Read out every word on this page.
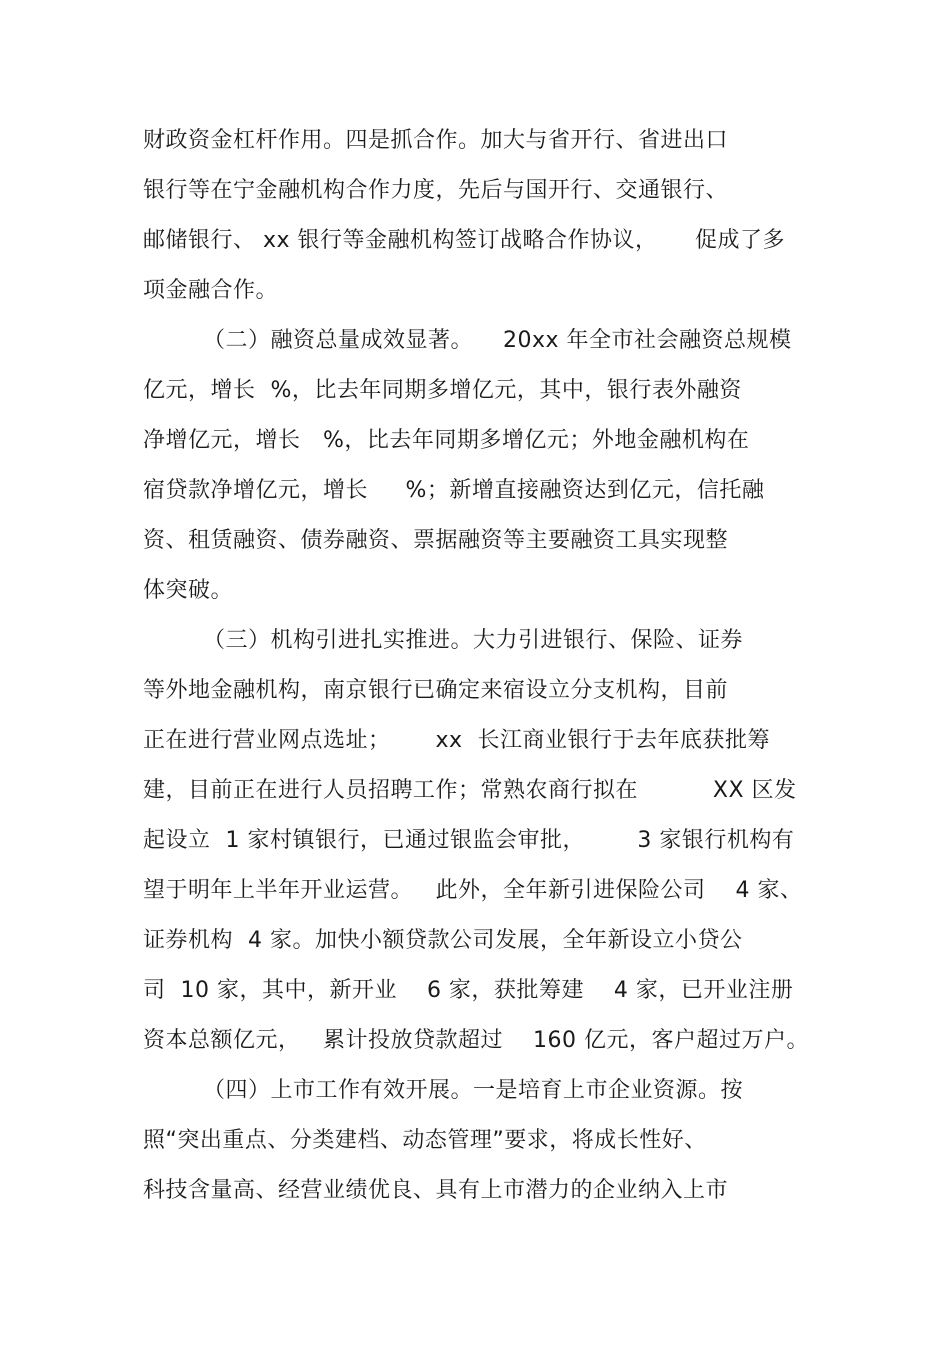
财政资金杠杆作用。四是抓合作。加大与省开行、省进出口
银行等在宁金融机构合作力度，先后与国开行、交通银行、
邮储银行、 xx 银行等金融机构签订战略合作协议，     促成了多
项金融合作。
（二）融资总量成效显著。    20xx 年全市社会融资总规模
亿元，增长  %，比去年同期多增亿元，其中，银行表外融资
净增亿元，增长   %，比去年同期多增亿元；外地金融机构在
宿贷款净增亿元，增长     %；新增直接融资达到亿元，信托融
资、租赁融资、债券融资、票据融资等主要融资工具实现整
体突破。
（三）机构引进扎实推进。大力引进银行、保险、证券
等外地金融机构，南京银行已确定来宿设立分支机构，目前
正在进行营业网点选址；      xx  长江商业银行于去年底获批筹
建，目前正在进行人员招聘工作；常熟农商行拟在          XX 区发
起设立  1 家村镇银行，已通过银监会审批，       3 家银行机构有
望于明年上半年开业运营。   此外，全年新引进保险公司    4 家、
证券机构  4 家。加快小额贷款公司发展，全年新设立小贷公
司  10 家，其中，新开业    6 家，获批筹建    4 家，已开业注册
资本总额亿元，   累计投放贷款超过    160 亿元，客户超过万户。
（四）上市工作有效开展。一是培育上市企业资源。按
照“突出重点、分类建档、动态管理”要求，将成长性好、
科技含量高、经营业绩优良、具有上市潜力的企业纳入上市
